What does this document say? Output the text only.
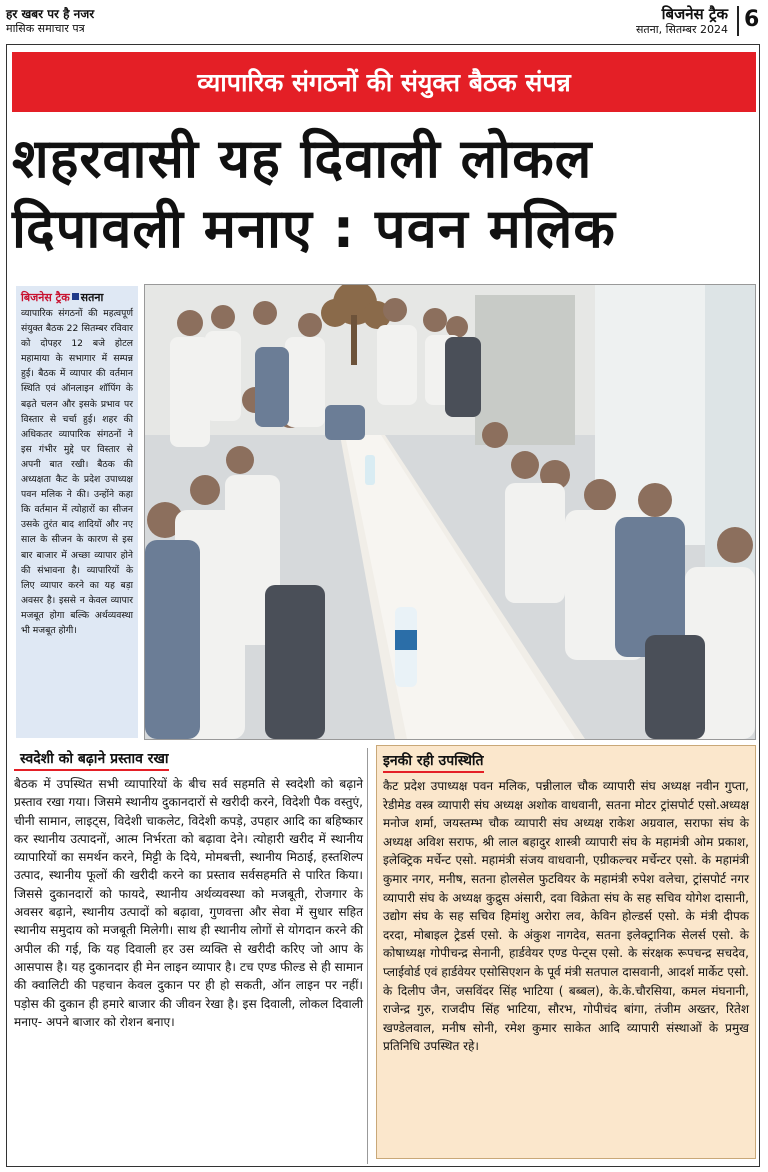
हर खबर पर है नजर
मासिक समाचार पत्र
बिजनेस ट्रैक
सतना, सितम्बर 2024 6
व्यापारिक संगठनों की संयुक्त बैठक संपन्न
शहरवासी यह दिवाली लोकल
दिपावली मनाए : पवन मलिक
बिजनेस ट्रैक सतना
व्यापारिक संगठनों की महत्वपूर्ण संयुक्त बैठक 22 सितम्बर रविवार को दोपहर 12 बजे होटल महामाया के सभागार में सम्पन्न हुई। बैठक में व्यापार की वर्तमान स्थिति एवं ऑनलाइन शॉपिंग के बढ़ते चलन और इसके प्रभाव पर विस्तार से चर्चा हुई। शहर की अधिकतर व्यापारिक संगठनों ने इस गंभीर मुद्दे पर विस्तार से अपनी बात रखी। बैठक की अध्यक्षता कैट के प्रदेश उपाध्यक्ष पवन मलिक ने की। उन्होंने कहा कि वर्तमान में त्योहारों का सीजन उसके तुरंत बाद शादियों और नए साल के सीजन के कारण से इस बार बाजार में अच्छा व्यापार होने की संभावना है। व्यापारियों के लिए व्यापार करने का यह बड़ा अवसर है। इससे न केवल व्यापार मजबूत होगा बल्कि अर्थव्यवस्था भी मजबूत होगी।
स्वदेशी को बढ़ाने प्रस्ताव रखा
बैठक में उपस्थित सभी व्यापारियों के बीच सर्व सहमति से स्वदेशी को बढ़ाने प्रस्ताव रखा गया। जिसमे स्थानीय दुकानदारों से खरीदी करने, विदेशी पैक वस्तुएं, चीनी सामान, लाइट्स, विदेशी चाकलेट, विदेशी कपड़े, उपहार आदि का बहिष्कार कर स्थानीय उत्पादनों, आत्म निर्भरता को बढ़ावा देने। त्योहारी खरीद में स्थानीय व्यापारियों का समर्थन करने, मिट्टी के दिये, मोमबत्ती, स्थानीय मिठाई, हस्तशिल्प उत्पाद, स्थानीय फूलों की खरीदी करने का प्रस्ताव सर्वसहमति से पारित किया। जिससे दुकानदारों को फायदे, स्थानीय अर्थव्यवस्था को मजबूती, रोजगार के अवसर बढ़ाने, स्थानीय उत्पादों को बढ़ावा, गुणवत्ता और सेवा में सुधार सहित स्थानीय समुदाय को मजबूती मिलेगी। साथ ही स्थानीय लोगों से योगदान करने की अपील की गई, कि यह दिवाली हर उस व्यक्ति से खरीदी करिए जो आप के आसपास है। यह दुकानदार ही मेन लाइन व्यापार है। टच एण्ड फील्ड से ही सामान की क्वालिटी की पहचान केवल दुकान पर ही हो सकती, ऑन लाइन पर नहीं। पड़ोस की दुकान ही हमारे बाजार की जीवन रेखा है। इस दिवाली, लोकल दिवाली मनाए- अपने बाजार को रोशन बनाए।
इनकी रही उपस्थिति
कैट प्रदेश उपाध्यक्ष पवन मलिक, पन्नीलाल चौक व्यापारी संघ अध्यक्ष नवीन गुप्ता, रेडीमेड वस्त्र व्यापारी संघ अध्यक्ष अशोक वाधवानी, सतना मोटर ट्रांसपोर्ट एसो.अध्यक्ष मनोज शर्मा, जयस्तम्भ चौक व्यापारी संघ अध्यक्ष राकेश अग्रवाल, सराफा संघ के अध्यक्ष अविश सराफ, श्री लाल बहादुर शास्त्री व्यापारी संघ के महामंत्री ओम प्रकाश, इलेक्ट्रिक मर्चेन्ट एसो. महामंत्री संजय वाधवानी, एग्रीकल्चर मर्चेन्टर एसो. के महामंत्री कुमार नगर, मनीष, सतना होलसेल फुटवियर के महामंत्री रुपेश वलेचा, ट्रांसपोर्ट नगर व्यापारी संघ के अध्यक्ष कुद्रुस अंसारी, दवा विक्रेता संघ के सह सचिव योगेश दासानी, उद्योग संघ के सह सचिव हिमांशु अरोरा लव, केविन होल्डर्स एसो. के मंत्री दीपक दरदा, मोबाइल ट्रेडर्स एसो. के अंकुश नागदेव, सतना इलेक्ट्रानिक सेलर्स एसो. के कोषाध्यक्ष गोपीचन्द्र सेनानी, हार्डवेयर एण्ड पेन्ट्स एसो. के संरक्षक रूपचन्द्र सचदेव, प्लाईवोर्ड एवं हार्डवेयर एसोसिएशन के पूर्व मंत्री सतपाल दासवानी, आदर्श मार्केट एसो. के दिलीप जैन, जसविंदर सिंह भाटिया ( बब्बल), के.के.चौरसिया, कमल मंघनानी, राजेन्द्र गुरु, राजदीप सिंह भाटिया, सौरभ, गोपीचंद बांगा, तंजीम अख्तर, रितेश खण्डेलवाल, मनीष सोनी, रमेश कुमार साकेत आदि व्यापारी संस्थाओं के प्रमुख प्रतिनिधि उपस्थित रहे।
